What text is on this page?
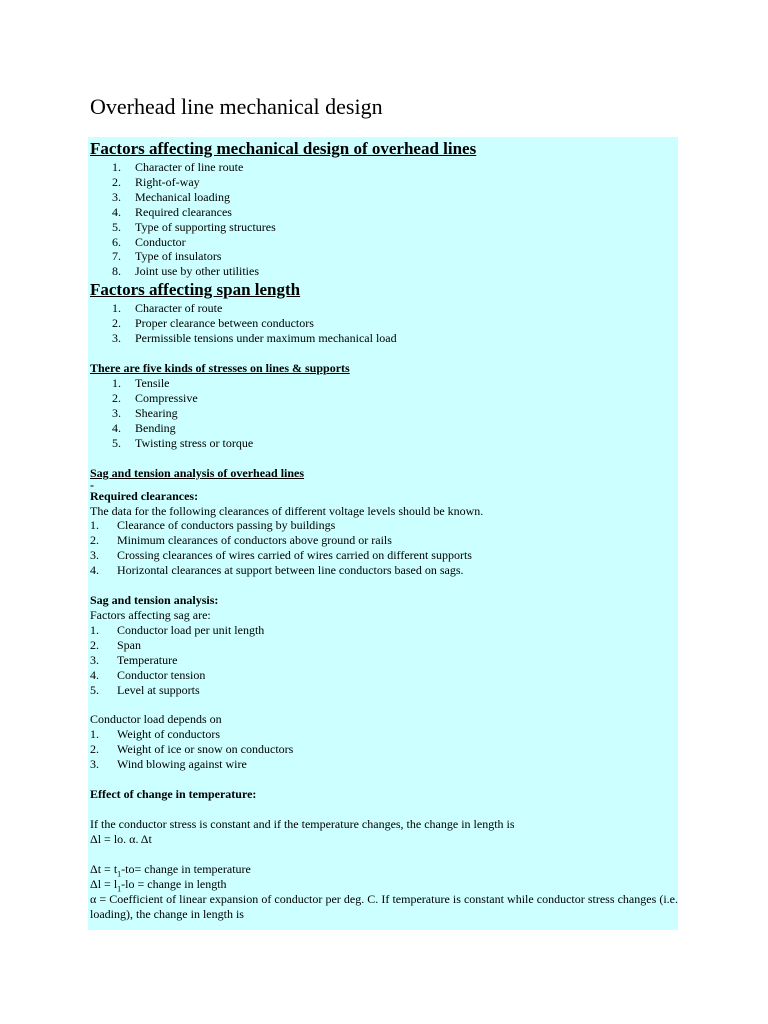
Overhead line mechanical design
Factors affecting mechanical design of overhead lines
1.	Character of line route
2.	Right-of-way
3.	Mechanical loading
4.	Required clearances
5.	Type of supporting structures
6.	Conductor
7.	Type of insulators
8.	Joint use by other utilities
Factors affecting span length
1.	Character of route
2.	Proper clearance between conductors
3.	Permissible tensions under maximum mechanical load
There are five kinds of stresses on lines & supports
1.	Tensile
2.	Compressive
3.	Shearing
4.	Bending
5.	Twisting stress or torque
Sag and tension analysis of overhead lines
-
Required clearances:

The data for the following clearances of different voltage levels should be known.

1. Clearance of conductors passing by buildings
2. Minimum clearances of conductors above ground or rails
3. Crossing clearances of wires carried of wires carried on different supports
4. Horizontal clearances at support between line conductors based on sags.
Sag and tension analysis:

Factors affecting sag are:

1. Conductor load per unit length
2. Span
3. Temperature
4. Conductor tension
5. Level at supports

Conductor load depends on

1. Weight of conductors
2. Weight of ice or snow on conductors
3. Wind blowing against wire
Effect of change in temperature:

If the conductor stress is constant and if the temperature changes, the change in length is

Δl = lo. α. Δt

$\Delta t = t_1-to=$ change in temperature

$\Delta l = l_1-lo$ = change in length

α = Coefficient of linear expansion of conductor per deg. C. If temperature is constant while conductor stress changes (i.e. loading), the change in length is
